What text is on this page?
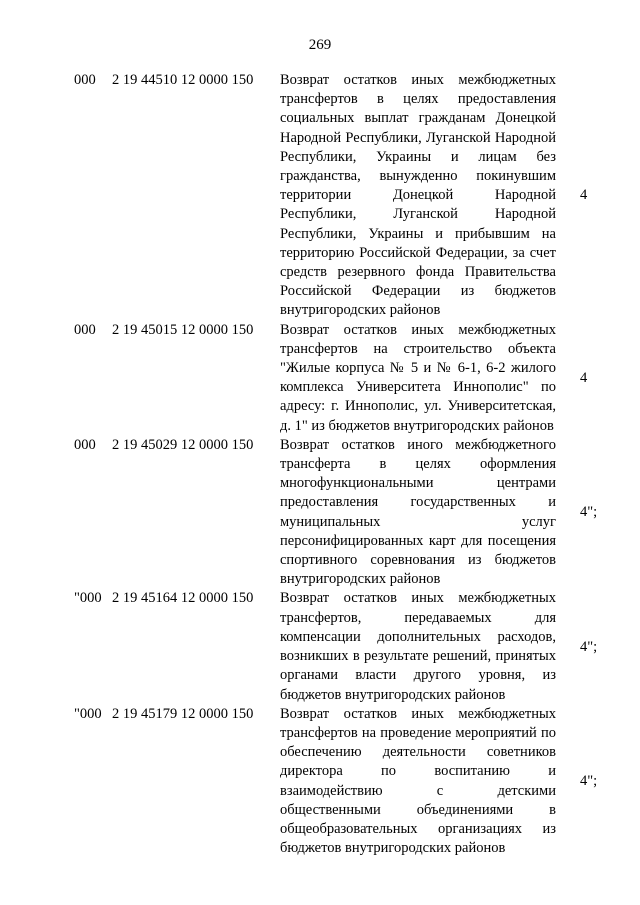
269
000	2 19 44510 12 0000 150	Возврат остатков иных межбюджетных трансфертов в целях предоставления социальных выплат гражданам Донецкой Народной Республики, Луганской Народной Республики, Украины и лицам без гражданства, вынужденно покинувшим территории Донецкой Народной Республики, Луганской Народной Республики, Украины и прибывшим на территорию Российской Федерации, за счет средств резервного фонда Правительства Российской Федерации из бюджетов внутригородских районов
4
000	2 19 45015 12 0000 150	Возврат остатков иных межбюджетных трансфертов на строительство объекта "Жилые корпуса № 5 и № 6-1, 6-2 жилого комплекса Университета Иннополис" по адресу: г. Иннополис, ул. Университетская, д. 1" из бюджетов внутригородских районов
4
000	2 19 45029 12 0000 150	Возврат остатков иного межбюджетного трансферта в целях оформления многофункциональными центрами предоставления государственных и муниципальных услуг персонифицированных карт для посещения спортивного соревнования из бюджетов внутригородских районов
4";
"000 2 19 45164 12 0000 150	Возврат остатков иных межбюджетных трансфертов, передаваемых для компенсации дополнительных расходов, возникших в результате решений, принятых органами власти другого уровня, из бюджетов внутригородских районов
4";
"000 2 19 45179 12 0000 150	Возврат остатков иных межбюджетных трансфертов на проведение мероприятий по обеспечению деятельности советников директора по воспитанию и взаимодействию с детскими общественными объединениями в общеобразовательных организациях из бюджетов внутригородских районов
4";
